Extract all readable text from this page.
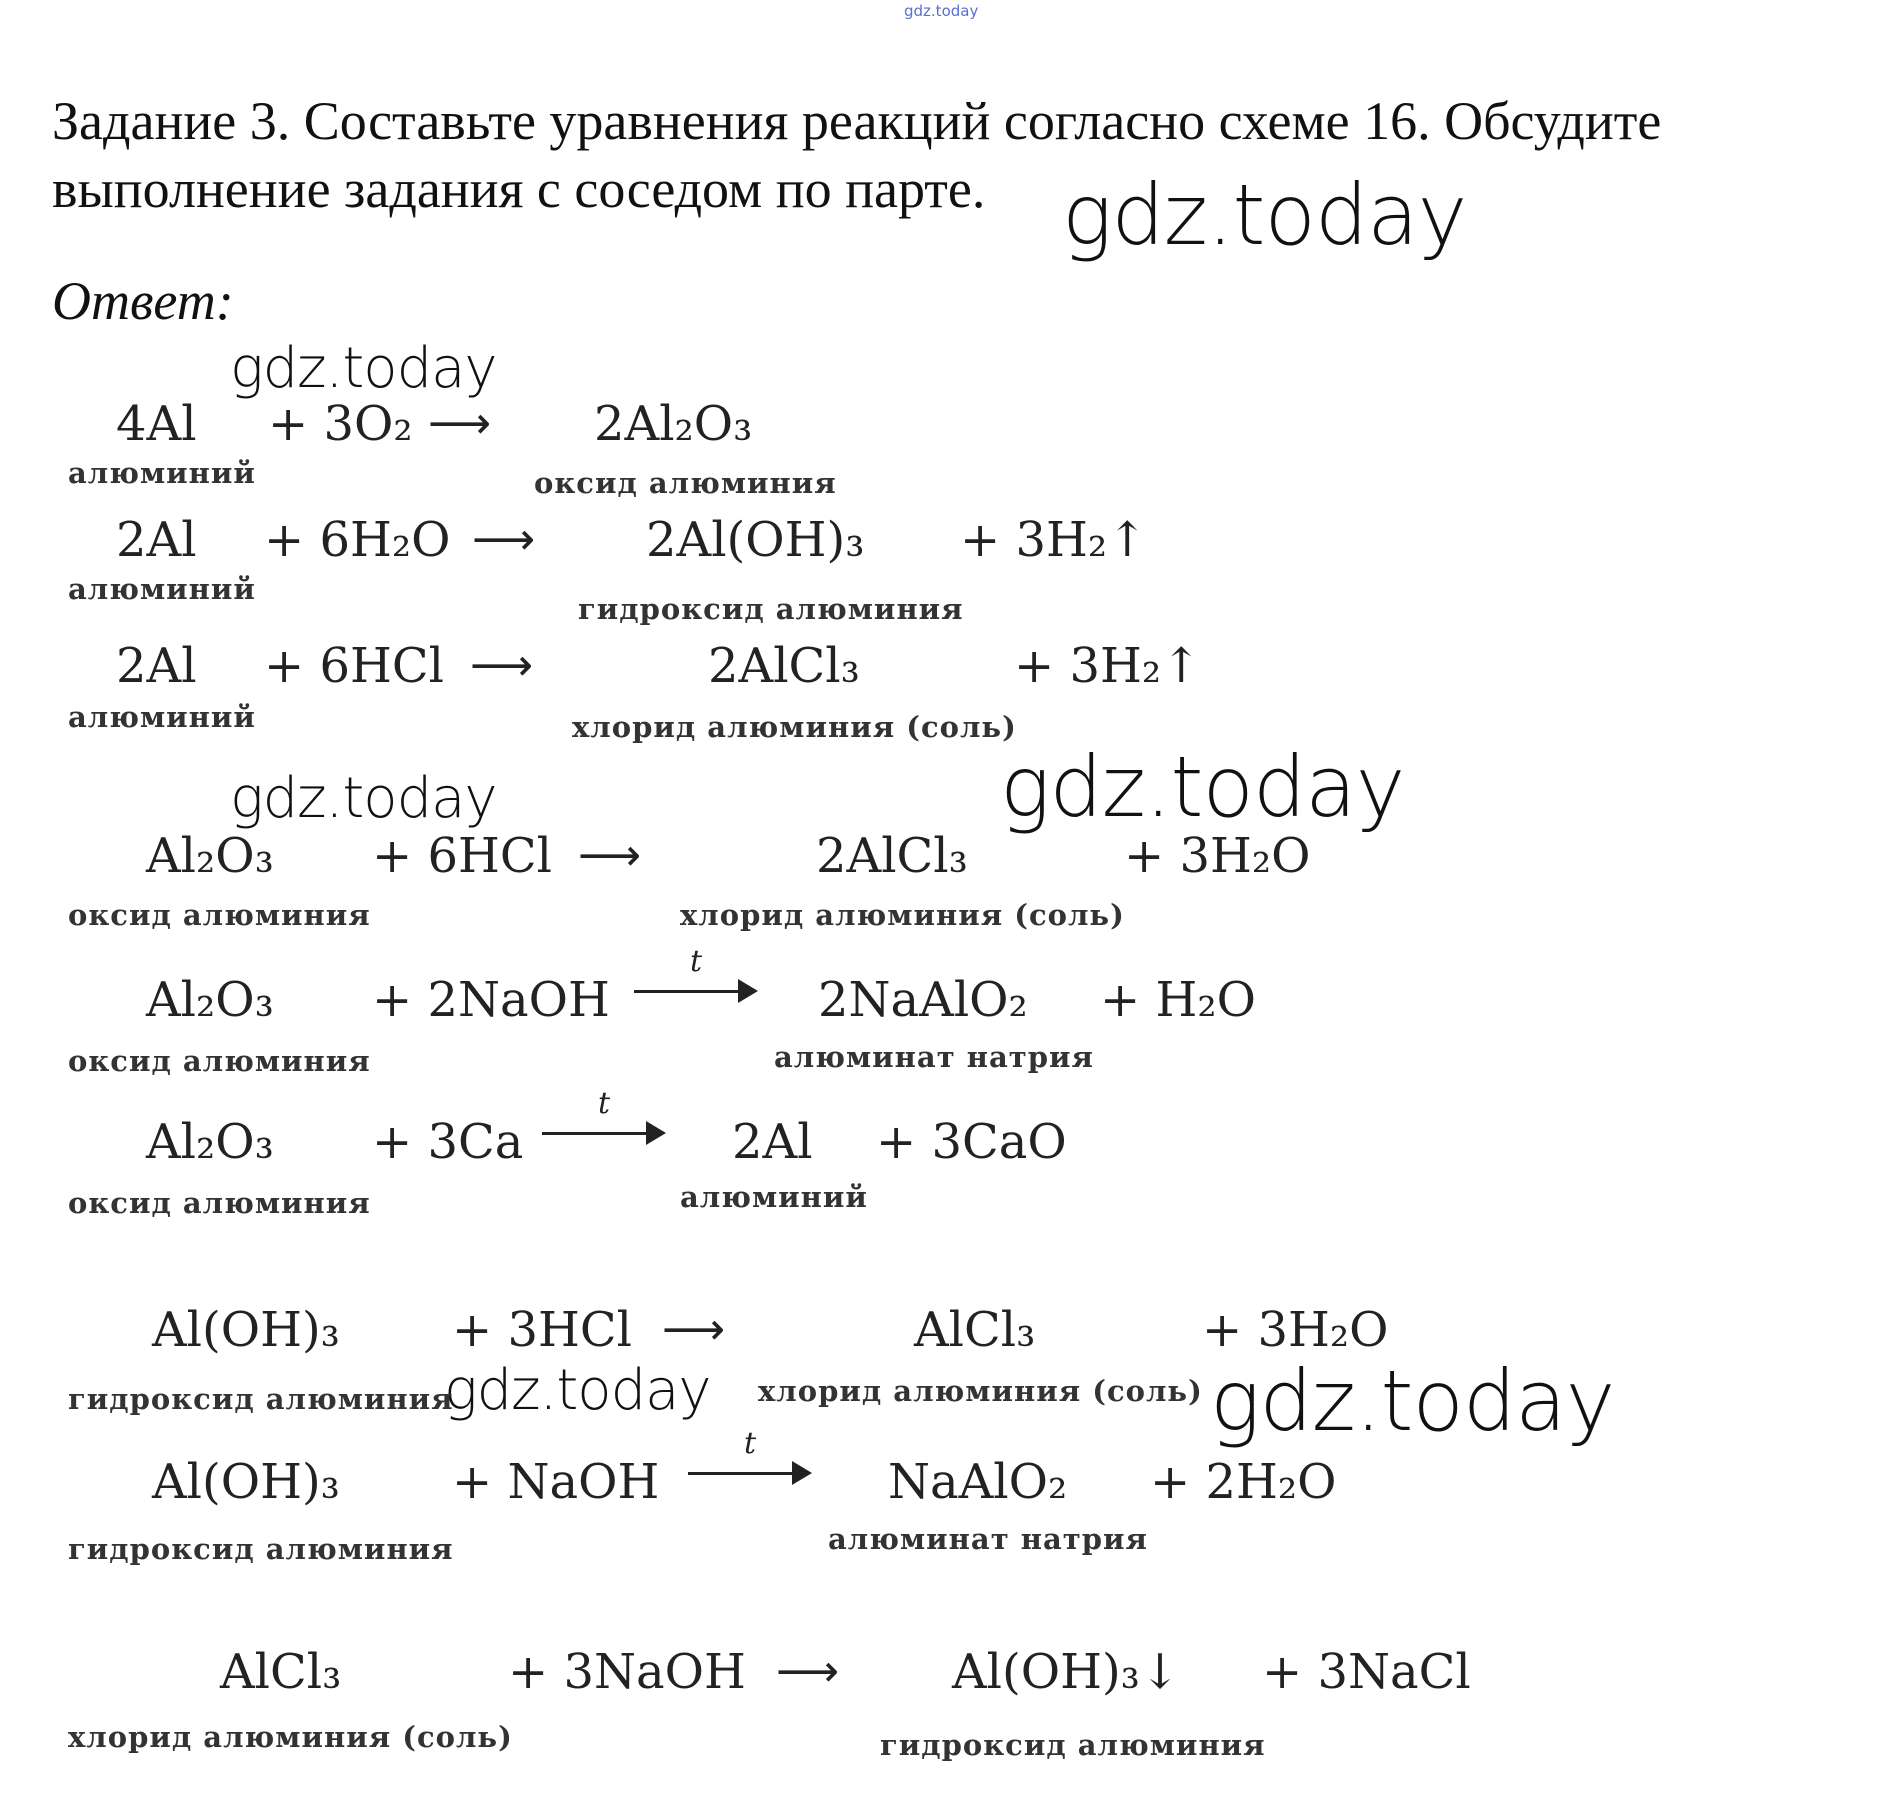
gdz.today
Задание 3. Составьте уравнения реакций согласно схеме 16. Обсудите
выполнение задания с соседом по парте.
Ответ:
gdz.today
gdz.today
gdz.today	gdz.today
gdz.today	gdz.today
4Al + 3O₂ ⟶ 2Al₂O₃
алюминий	оксид алюминия
2Al + 6H₂O ⟶ 2Al(OH)₃ + 3H₂↑
алюминий
гидроксид алюминия
2Al + 6HCl ⟶	2AlCl₃	+ 3H₂↑
алюминий	хлорид алюминия (соль)
Al₂O₃ + 6HCl ⟶	2AlCl₃	+ 3H₂O
оксид алюминия	хлорид алюминия (соль)
Al₂O₃ + 2NaOH
t
2NaAlO₂ + H₂O
оксид алюминия	алюминат натрия
Al₂O₃ + 3Ca
t
2Al + 3CaO
оксид алюминия	алюминий
Al(OH)₃ + 3HCl ⟶	AlCl₃	+ 3H₂O
гидроксид алюминия	хлорид алюминия (соль)
Al(OH)₃ + NaOH
t
NaAlO₂ + 2H₂O
гидроксид алюминия	алюминат натрия
AlCl₃	+ 3NaOH ⟶ Al(OH)₃↓ + 3NaCl
хлорид алюминия (соль)	гидроксид алюминия
